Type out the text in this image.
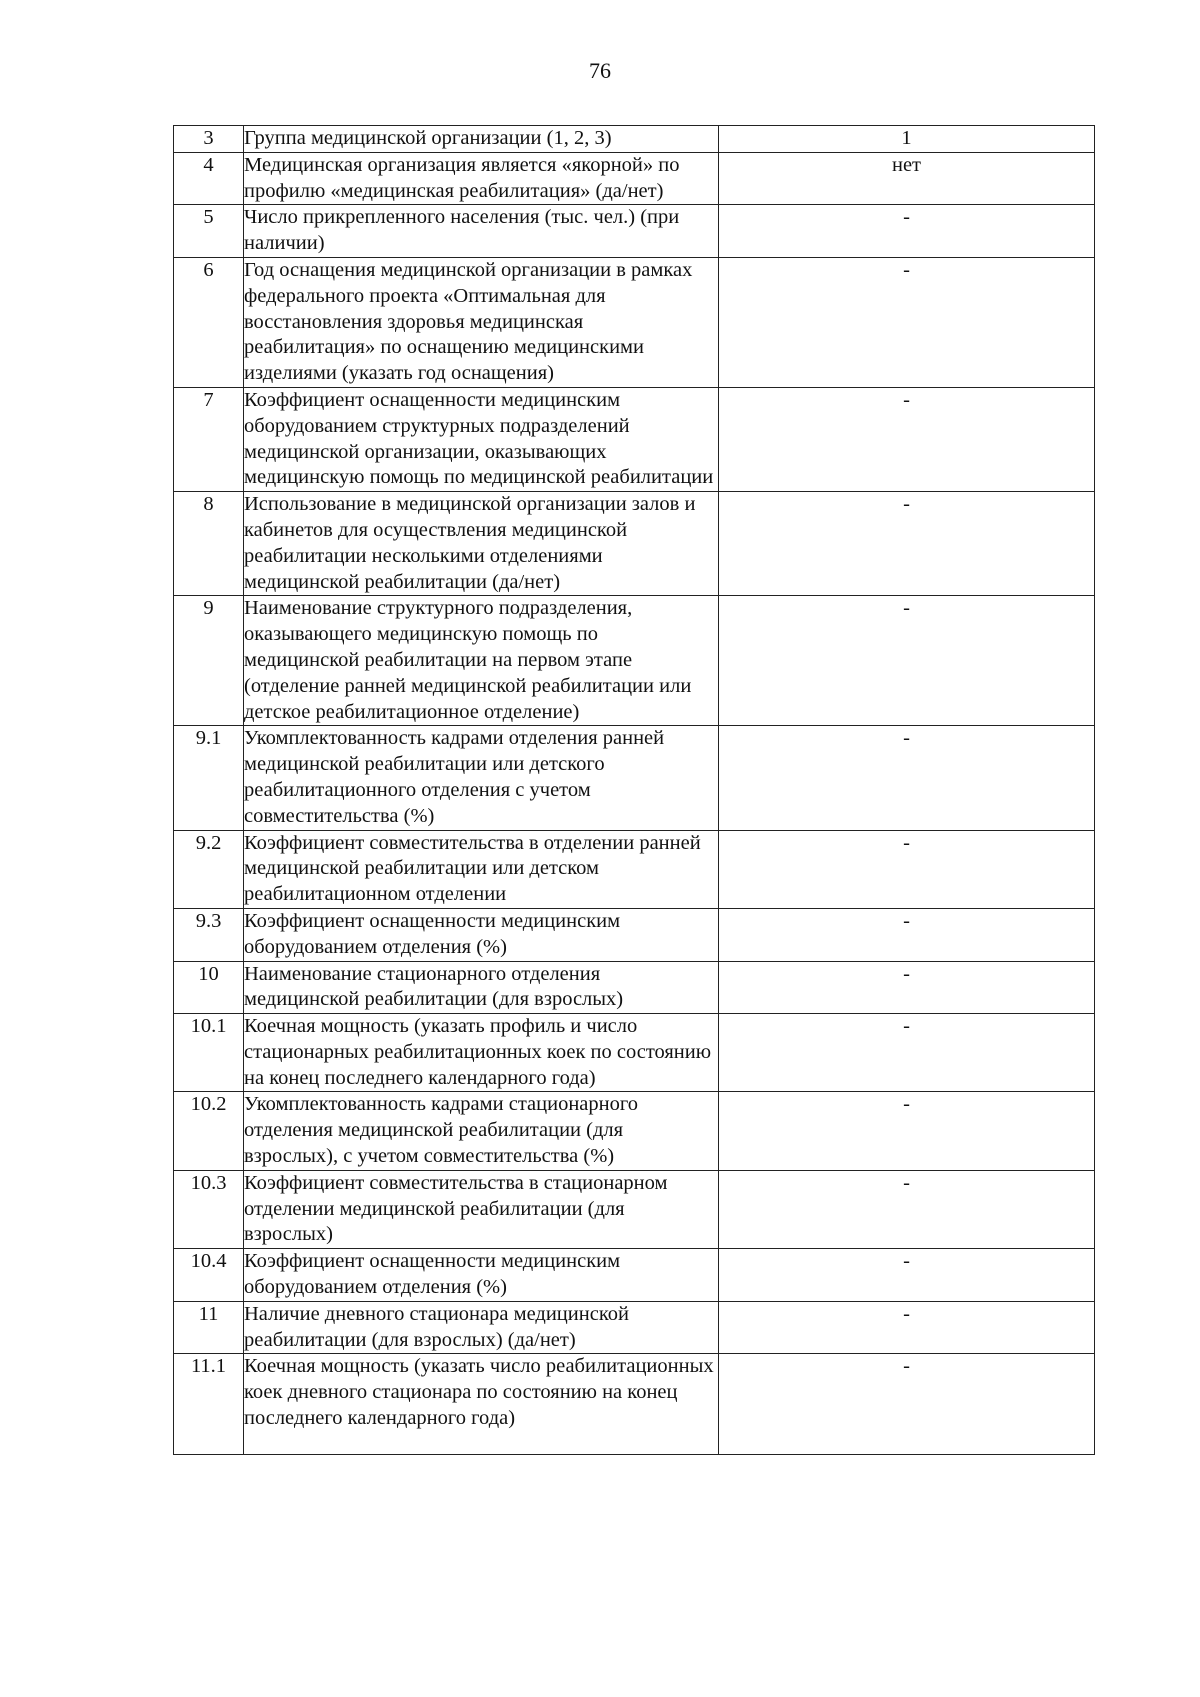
76
3	Группа медицинской организации (1, 2, 3)	1
4	Медицинская организация является «якорной» по профилю «медицинская реабилитация» (да/нет)	нет
5	Число прикрепленного населения (тыс. чел.) (при наличии)	-
6	Год оснащения медицинской организации в рамках федерального проекта «Оптимальная для восстановления здоровья медицинская реабилитация» по оснащению медицинскими изделиями (указать год оснащения)	-
7	Коэффициент оснащенности медицинским оборудованием структурных подразделений медицинской организации, оказывающих медицинскую помощь по медицинской реабилитации	-
8	Использование в медицинской организации залов и кабинетов для осуществления медицинской реабилитации несколькими отделениями медицинской реабилитации (да/нет)	-
9	Наименование структурного подразделения, оказывающего медицинскую помощь по медицинской реабилитации на первом этапе (отделение ранней медицинской реабилитации или детское реабилитационное отделение)	-
9.1	Укомплектованность кадрами отделения ранней медицинской реабилитации или детского реабилитационного отделения с учетом совместительства (%)	-
9.2	Коэффициент совместительства в отделении ранней медицинской реабилитации или детском реабилитационном отделении	-
9.3	Коэффициент оснащенности медицинским оборудованием отделения (%)	-
10	Наименование стационарного отделения медицинской реабилитации (для взрослых)	-
10.1	Коечная мощность (указать профиль и число стационарных реабилитационных коек по состоянию на конец последнего календарного года)	-
10.2	Укомплектованность кадрами стационарного отделения медицинской реабилитации (для взрослых), с учетом совместительства (%)	-
10.3	Коэффициент совместительства в стационарном отделении медицинской реабилитации (для взрослых)	-
10.4	Коэффициент оснащенности медицинским оборудованием отделения (%)	-
11	Наличие дневного стационара медицинской реабилитации (для взрослых) (да/нет)	-
11.1	Коечная мощность (указать число реабилитационных коек дневного стационара по состоянию на конец последнего календарного года)	-
